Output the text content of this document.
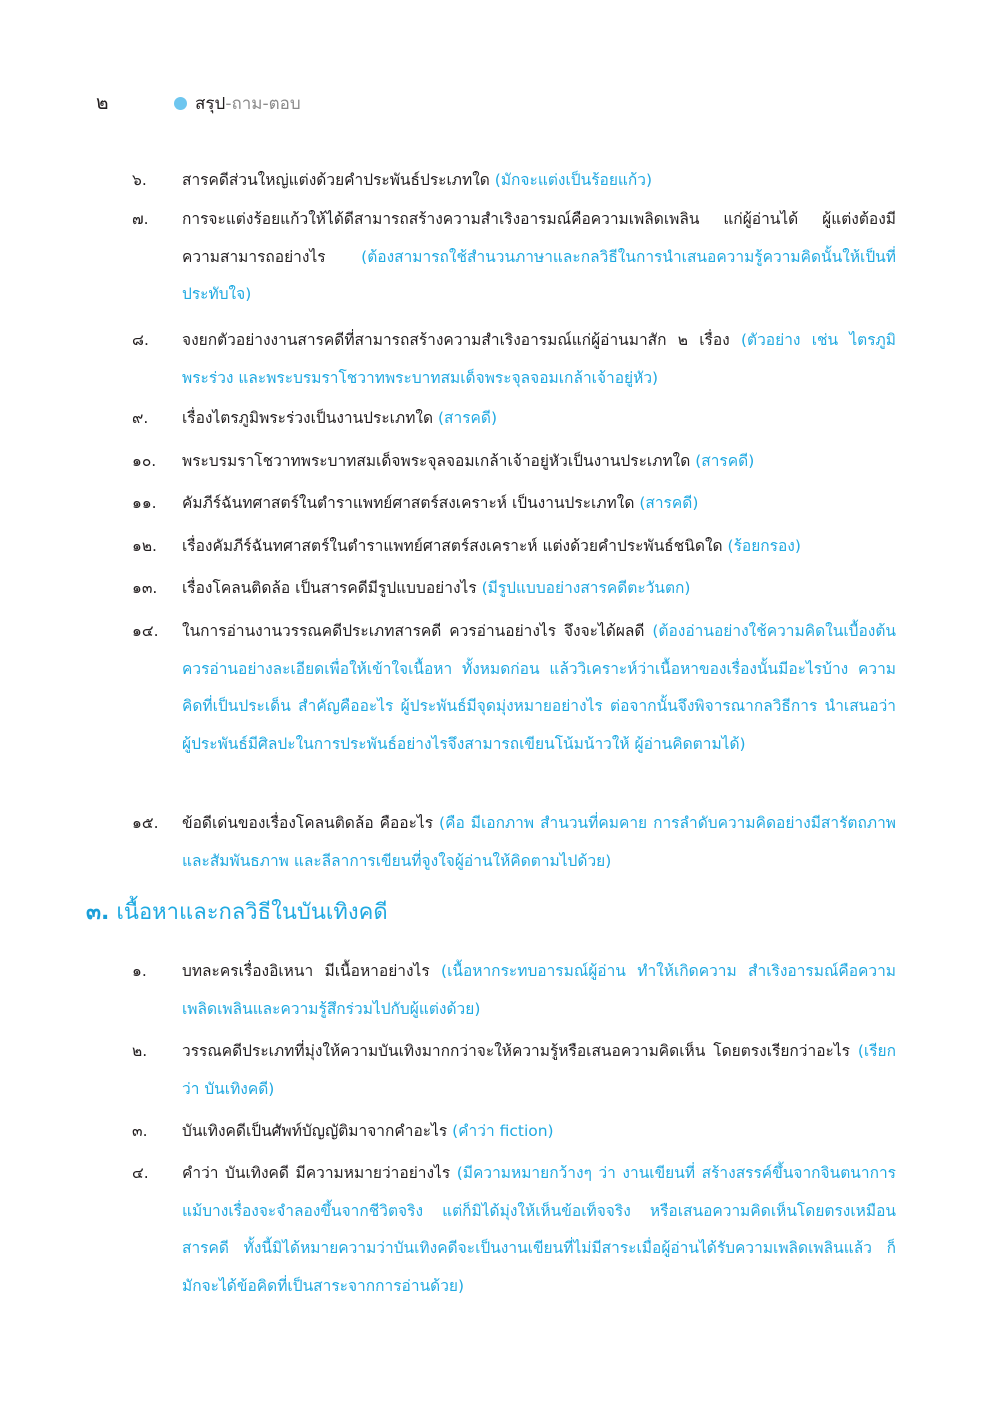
๒	สรุป-ถาม-ตอบ
๖.	สารคดีส่วนใหญ่แต่งด้วยคำประพันธ์ประเภทใด (มักจะแต่งเป็นร้อยแก้ว)
๗.	การจะแต่งร้อยแก้วให้ได้ดีสามารถสร้างความสำเริงอารมณ์คือความเพลิดเพลิน แก่ผู้อ่านได้ ผู้แต่งต้องมีความสามารถอย่างไร (ต้องสามารถใช้สำนวนภาษาและกลวิธีในการนำเสนอความรู้ความคิดนั้นให้เป็นที่ประทับใจ)
๘.	จงยกตัวอย่างงานสารคดีที่สามารถสร้างความสำเริงอารมณ์แก่ผู้อ่านมาสัก ๒ เรื่อง (ตัวอย่าง เช่น ไตรภูมิพระร่วง และพระบรมราโชวาทพระบาทสมเด็จพระจุลจอมเกล้าเจ้าอยู่หัว)
๙.	เรื่องไตรภูมิพระร่วงเป็นงานประเภทใด (สารคดี)
๑๐.	พระบรมราโชวาทพระบาทสมเด็จพระจุลจอมเกล้าเจ้าอยู่หัวเป็นงานประเภทใด (สารคดี)
๑๑.	คัมภีร์ฉันทศาสตร์ในตำราแพทย์ศาสตร์สงเคราะห์ เป็นงานประเภทใด (สารคดี)
๑๒.	เรื่องคัมภีร์ฉันทศาสตร์ในตำราแพทย์ศาสตร์สงเคราะห์ แต่งด้วยคำประพันธ์ชนิดใด (ร้อยกรอง)
๑๓.	เรื่องโคลนติดล้อ เป็นสารคดีมีรูปแบบอย่างไร (มีรูปแบบอย่างสารคดีตะวันตก)
๑๔.	ในการอ่านงานวรรณคดีประเภทสารคดี ควรอ่านอย่างไร จึงจะได้ผลดี (ต้องอ่านอย่างใช้ความคิดในเบื้องต้นควรอ่านอย่างละเอียดเพื่อให้เข้าใจเนื้อหา ทั้งหมดก่อน แล้ววิเคราะห์ว่าเนื้อหาของเรื่องนั้นมีอะไรบ้าง ความคิดที่เป็นประเด็น สำคัญคืออะไร ผู้ประพันธ์มีจุดมุ่งหมายอย่างไร ต่อจากนั้นจึงพิจารณากลวิธีการ นำเสนอว่า ผู้ประพันธ์มีศิลปะในการประพันธ์อย่างไรจึงสามารถเขียนโน้มน้าวให้ ผู้อ่านคิดตามได้)
๑๕.	ข้อดีเด่นของเรื่องโคลนติดล้อ คืออะไร (คือ มีเอกภาพ สำนวนที่คมคาย การลำดับความคิดอย่างมีสารัตถภาพและสัมพันธภาพ และลีลาการเขียนที่จูงใจผู้อ่านให้คิดตามไปด้วย)
๓. เนื้อหาและกลวิธีในบันเทิงคดี
๑.	บทละครเรื่องอิเหนา มีเนื้อหาอย่างไร (เนื้อหากระทบอารมณ์ผู้อ่าน ทำให้เกิดความ สำเริงอารมณ์คือความเพลิดเพลินและความรู้สึกร่วมไปกับผู้แต่งด้วย)
๒.	วรรณคดีประเภทที่มุ่งให้ความบันเทิงมากกว่าจะให้ความรู้หรือเสนอความคิดเห็น โดยตรงเรียกว่าอะไร (เรียกว่า บันเทิงคดี)
๓.	บันเทิงคดีเป็นศัพท์บัญญัติมาจากคำอะไร (คำว่า fiction)
๔.	คำว่า บันเทิงคดี มีความหมายว่าอย่างไร (มีความหมายกว้างๆ ว่า งานเขียนที่ สร้างสรรค์ขึ้นจากจินตนาการ แม้บางเรื่องจะจำลองขึ้นจากชีวิตจริง แต่ก็มิได้มุ่งให้เห็นข้อเท็จจริง หรือเสนอความคิดเห็นโดยตรงเหมือนสารคดี ทั้งนี้มิได้หมายความว่าบันเทิงคดีจะเป็นงานเขียนที่ไม่มีสาระเมื่อผู้อ่านได้รับความเพลิดเพลินแล้ว ก็มักจะได้ข้อคิดที่เป็นสาระจากการอ่านด้วย)
